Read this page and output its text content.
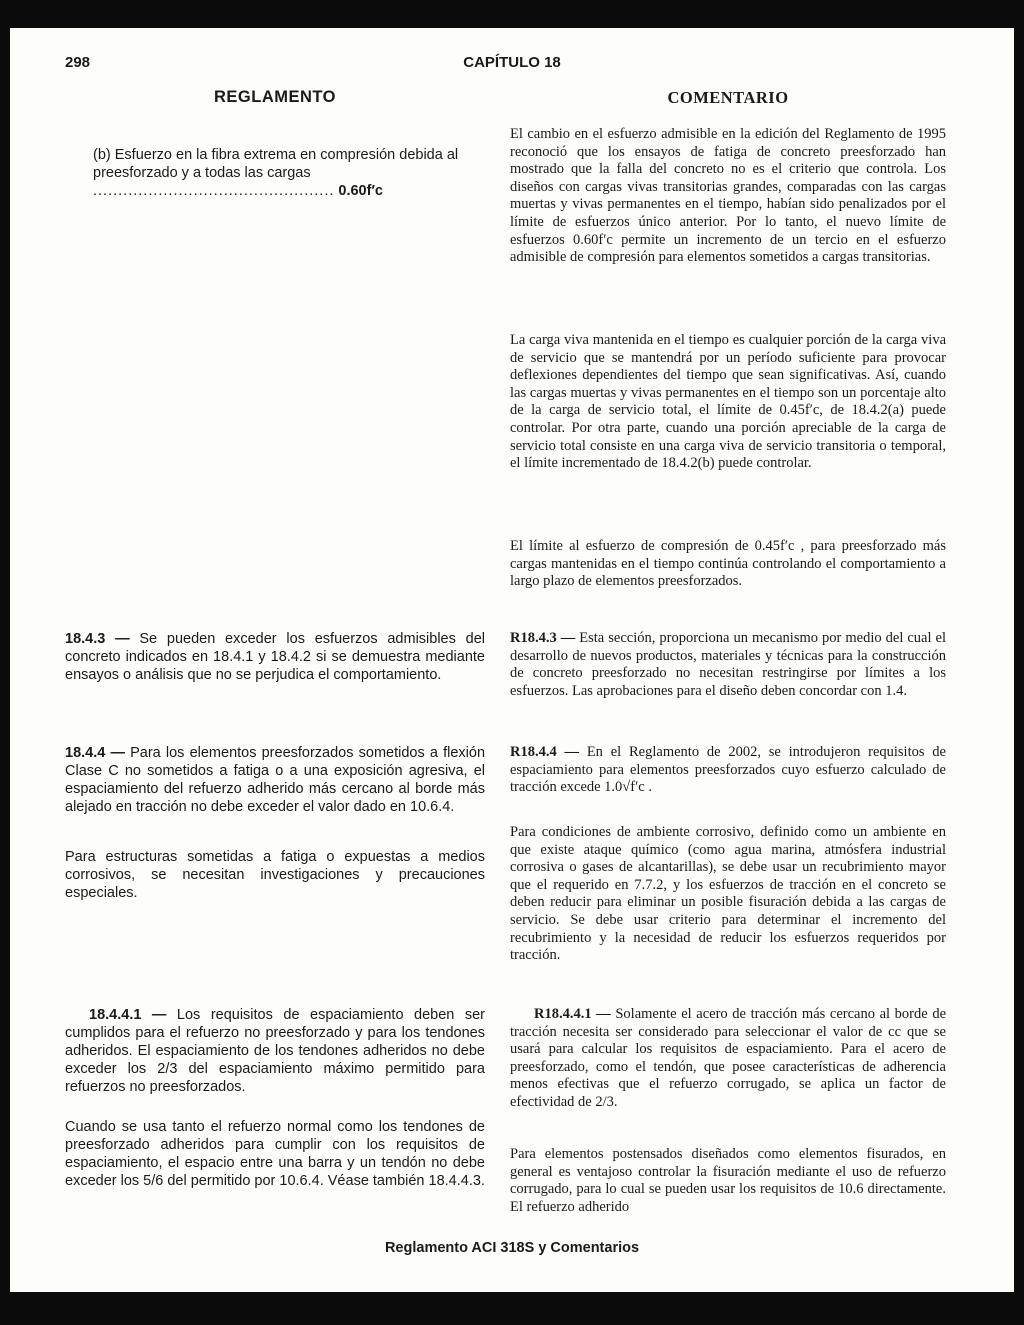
298	CAPÍTULO 18
REGLAMENTO	COMENTARIO

(b) Esfuerzo en la fibra extrema en compresión debida al preesforzado y a todas las cargas ................................................ 0.60f′c

18.4.3 — Se pueden exceder los esfuerzos admisibles del concreto indicados en 18.4.1 y 18.4.2 si se demuestra mediante ensayos o análisis que no se perjudica el comportamiento.

18.4.4 — Para los elementos preesforzados sometidos a flexión Clase C no sometidos a fatiga o a una exposición agresiva, el espaciamiento del refuerzo adherido más cercano al borde más alejado en tracción no debe exceder el valor dado en 10.6.4.

Para estructuras sometidas a fatiga o expuestas a medios corrosivos, se necesitan investigaciones y precauciones especiales.

18.4.4.1 — Los requisitos de espaciamiento deben ser cumplidos para el refuerzo no preesforzado y para los tendones adheridos. El espaciamiento de los tendones adheridos no debe exceder los 2/3 del espaciamiento máximo permitido para refuerzos no preesforzados.

Cuando se usa tanto el refuerzo normal como los tendones de preesforzado adheridos para cumplir con los requisitos de espaciamiento, el espacio entre una barra y un tendón no debe exceder los 5/6 del permitido por 10.6.4. Véase también 18.4.4.3.

El cambio en el esfuerzo admisible en la edición del Reglamento de 1995 reconoció que los ensayos de fatiga de concreto preesforzado han mostrado que la falla del concreto no es el criterio que controla. Los diseños con cargas vivas transitorias grandes, comparadas con las cargas muertas y vivas permanentes en el tiempo, habían sido penalizados por el límite de esfuerzos único anterior. Por lo tanto, el nuevo límite de esfuerzos 0.60f′c permite un incremento de un tercio en el esfuerzo admisible de compresión para elementos sometidos a cargas transitorias.

La carga viva mantenida en el tiempo es cualquier porción de la carga viva de servicio que se mantendrá por un período suficiente para provocar deflexiones dependientes del tiempo que sean significativas. Así, cuando las cargas muertas y vivas permanentes en el tiempo son un porcentaje alto de la carga de servicio total, el límite de 0.45f′c, de 18.4.2(a) puede controlar. Por otra parte, cuando una porción apreciable de la carga de servicio total consiste en una carga viva de servicio transitoria o temporal, el límite incrementado de 18.4.2(b) puede controlar.

El límite al esfuerzo de compresión de 0.45f′c , para preesforzado más cargas mantenidas en el tiempo continúa controlando el comportamiento a largo plazo de elementos preesforzados.

R18.4.3 — Esta sección, proporciona un mecanismo por medio del cual el desarrollo de nuevos productos, materiales y técnicas para la construcción de concreto preesforzado no necesitan restringirse por límites a los esfuerzos. Las aprobaciones para el diseño deben concordar con 1.4.

R18.4.4 — En el Reglamento de 2002, se introdujeron requisitos de espaciamiento para elementos preesforzados cuyo esfuerzo calculado de tracción excede 1.0√f′c .

Para condiciones de ambiente corrosivo, definido como un ambiente en que existe ataque químico (como agua marina, atmósfera industrial corrosiva o gases de alcantarillas), se debe usar un recubrimiento mayor que el requerido en 7.7.2, y los esfuerzos de tracción en el concreto se deben reducir para eliminar un posible fisuración debida a las cargas de servicio. Se debe usar criterio para determinar el incremento del recubrimiento y la necesidad de reducir los esfuerzos requeridos por tracción.

R18.4.4.1 — Solamente el acero de tracción más cercano al borde de tracción necesita ser considerado para seleccionar el valor de cc que se usará para calcular los requisitos de espaciamiento. Para el acero de preesforzado, como el tendón, que posee características de adherencia menos efectivas que el refuerzo corrugado, se aplica un factor de efectividad de 2/3.

Para elementos postensados diseñados como elementos fisurados, en general es ventajoso controlar la fisuración mediante el uso de refuerzo corrugado, para lo cual se pueden usar los requisitos de 10.6 directamente. El refuerzo adherido

Reglamento ACI 318S y Comentarios
